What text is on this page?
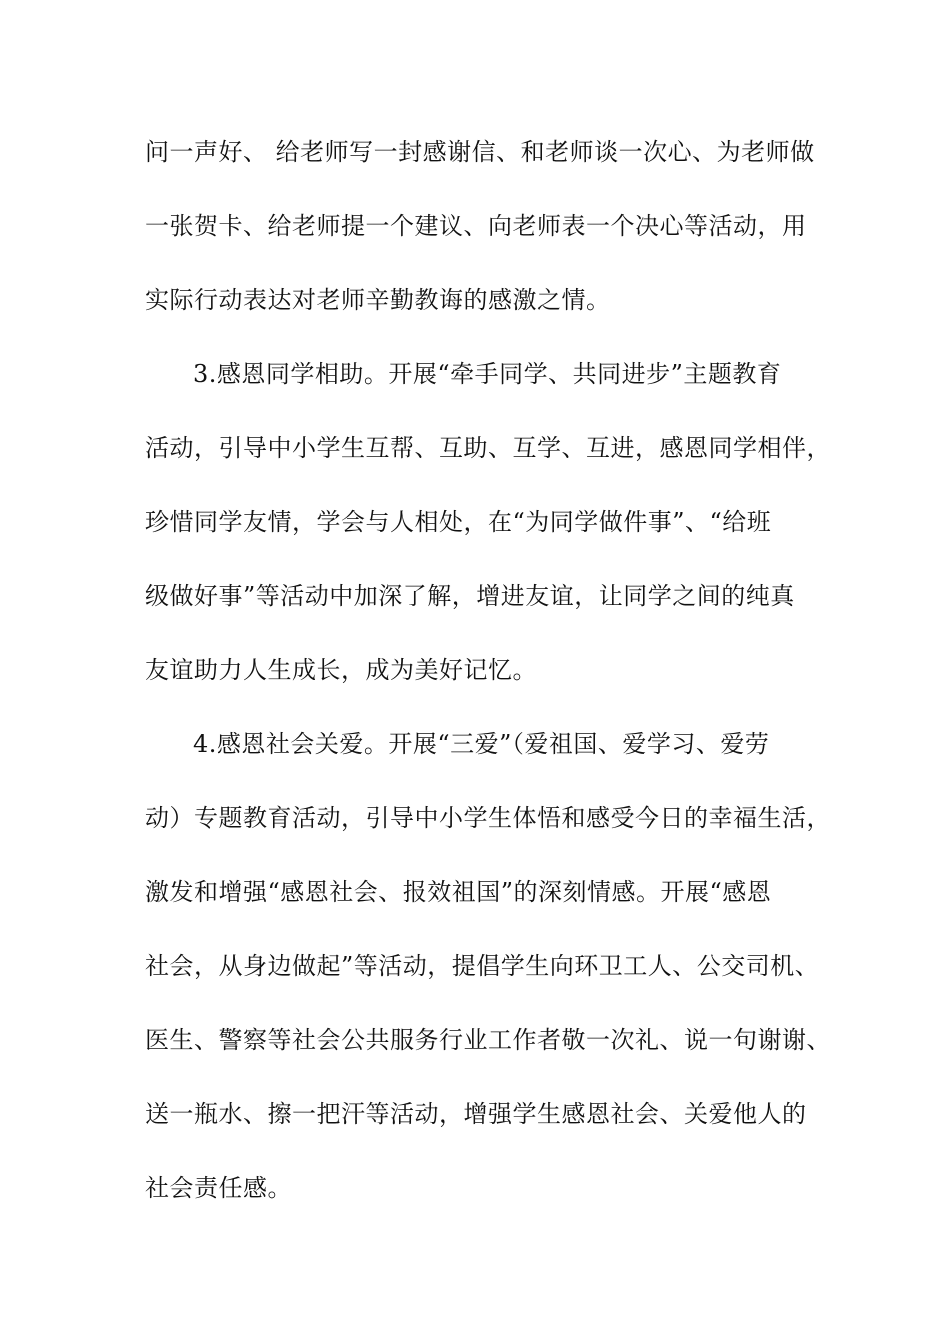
问一声好、 给老师写一封感谢信、和老师谈一次心、为老师做
一张贺卡、给老师提一个建议、向老师表一个决心等活动，用
实际行动表达对老师辛勤教诲的感激之情。
3.感恩同学相助。开展“牵手同学、共同进步”主题教育
活动，引导中小学生互帮、互助、互学、互进，感恩同学相伴，
珍惜同学友情，学会与人相处，在“为同学做件事”、“给班
级做好事”等活动中加深了解，增进友谊，让同学之间的纯真
友谊助力人生成长，成为美好记忆。
4.感恩社会关爱。开展“三爱”（爱祖国、爱学习、爱劳
动）专题教育活动，引导中小学生体悟和感受今日的幸福生活，
激发和增强“感恩社会、报效祖国”的深刻情感。开展“感恩
社会，从身边做起”等活动，提倡学生向环卫工人、公交司机、
医生、警察等社会公共服务行业工作者敬一次礼、说一句谢谢、
送一瓶水、擦一把汗等活动，增强学生感恩社会、关爱他人的
社会责任感。
